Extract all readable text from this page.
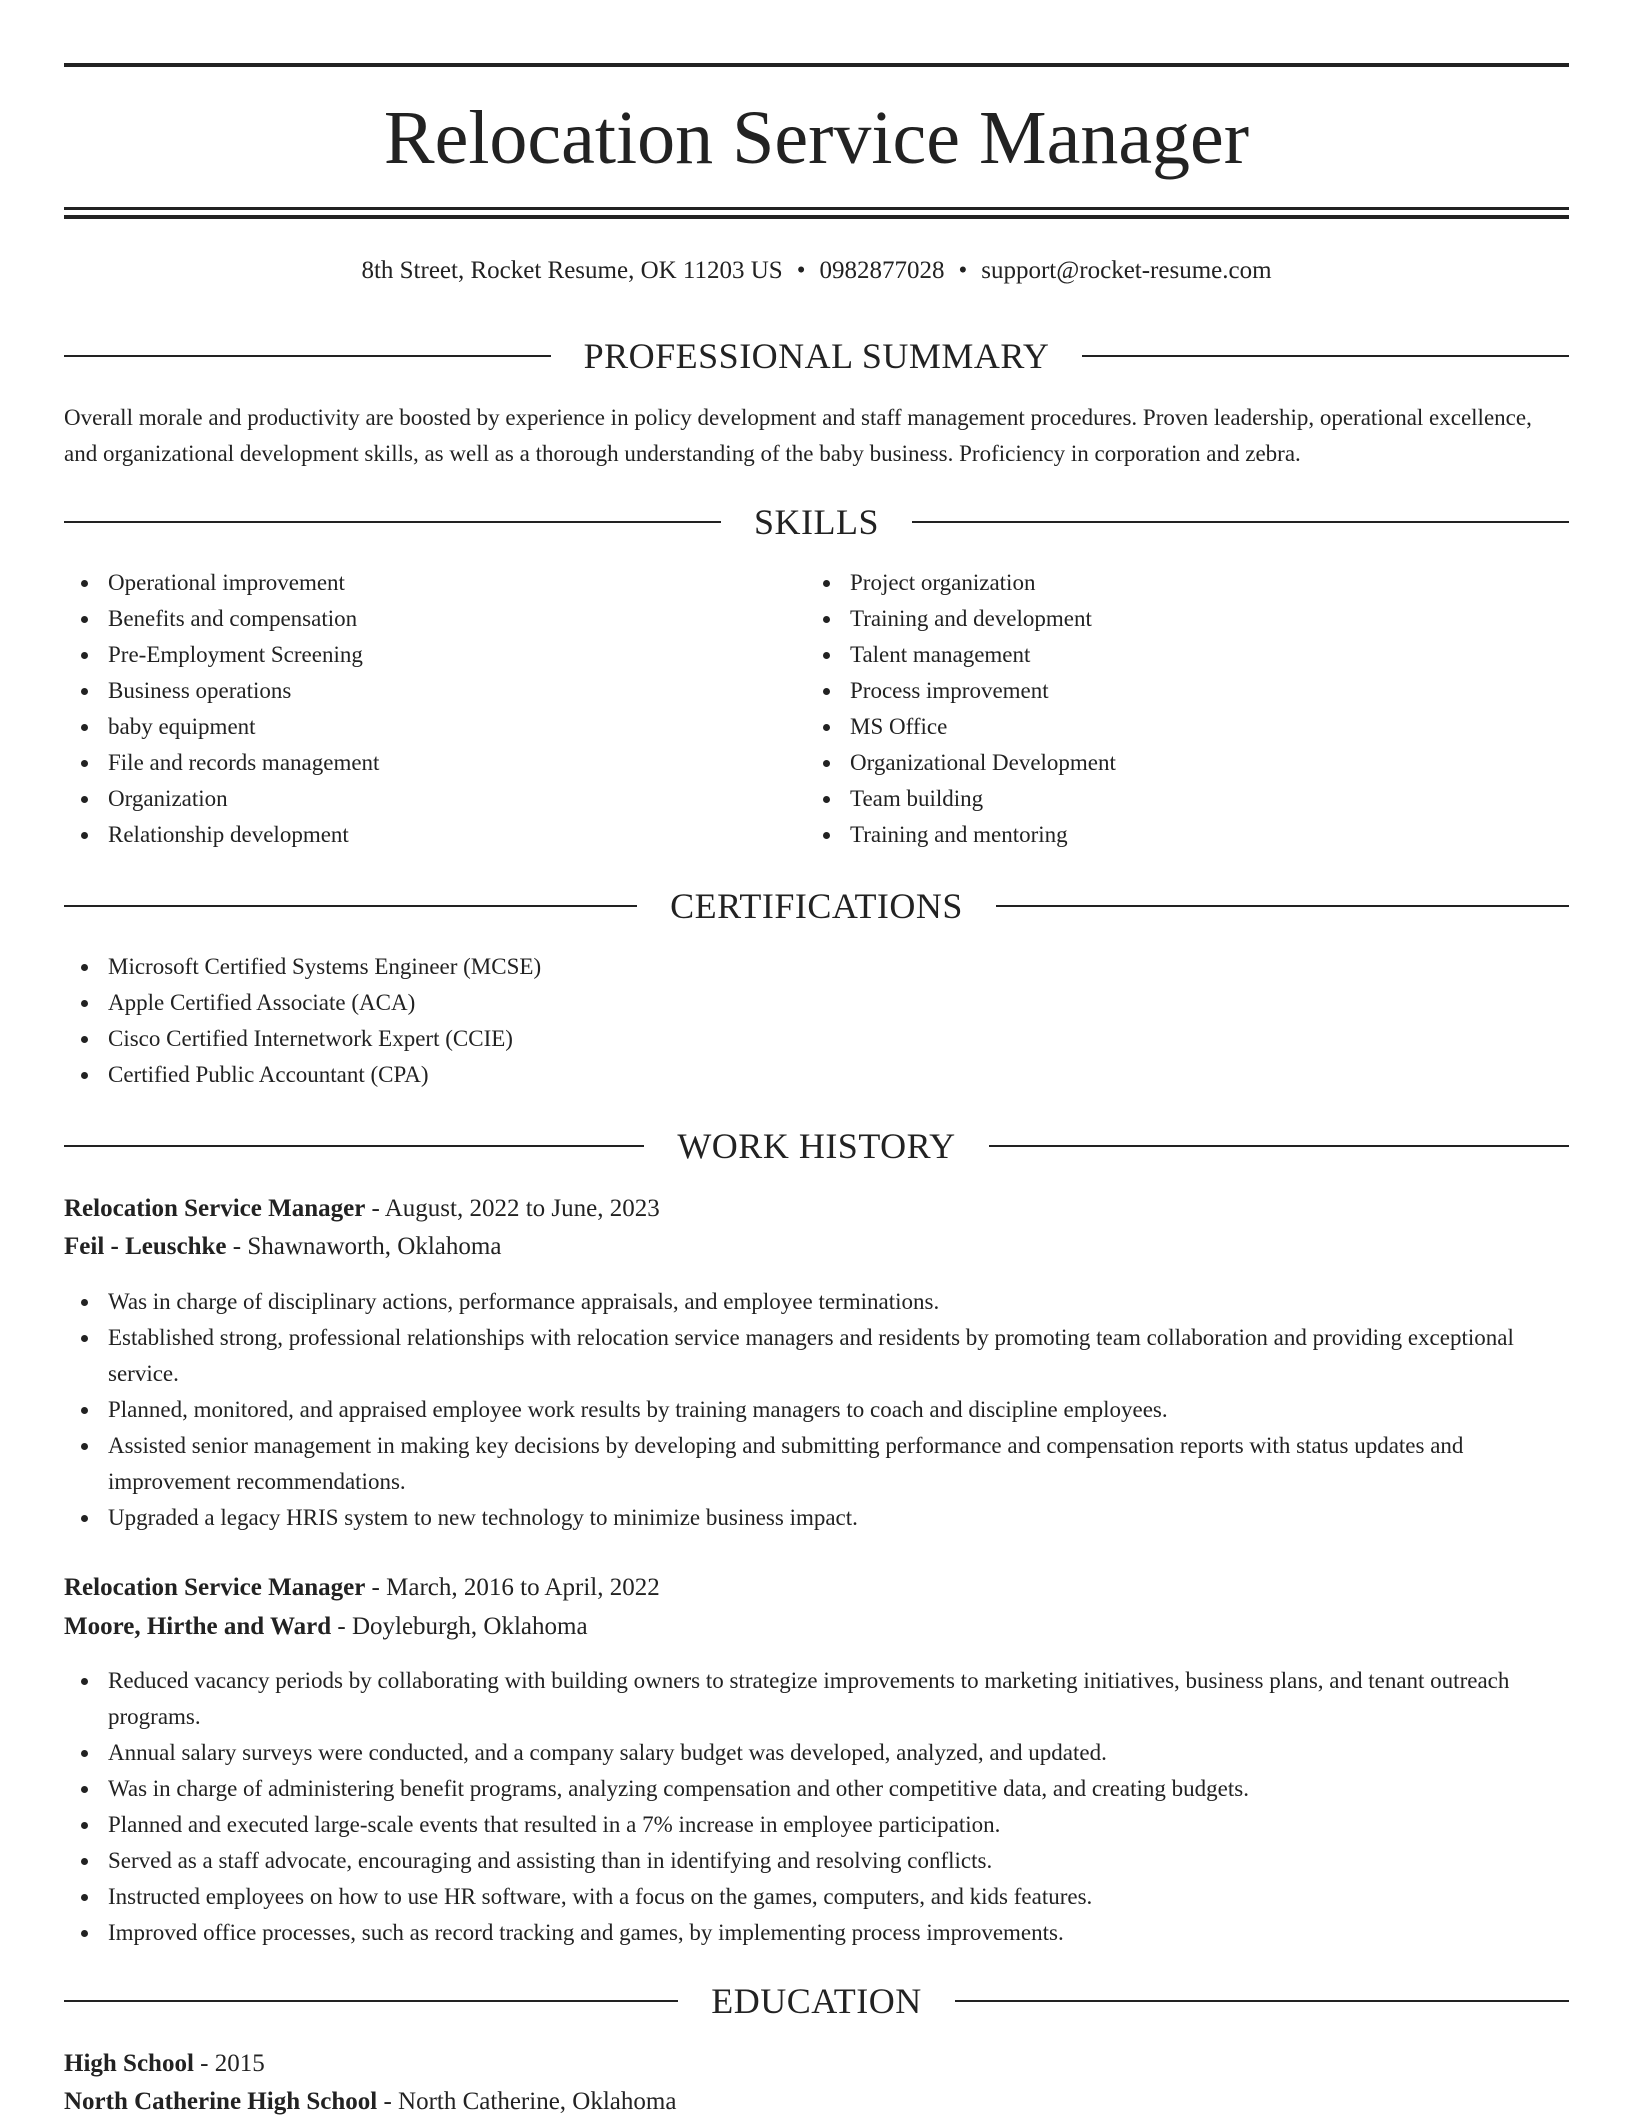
Relocation Service Manager
8th Street, Rocket Resume, OK 11203 US • 0982877028 • support@rocket-resume.com
PROFESSIONAL SUMMARY

Overall morale and productivity are boosted by experience in policy development and staff management procedures. Proven leadership, operational excellence, and organizational development skills, as well as a thorough understanding of the baby business. Proficiency in corporation and zebra.

SKILLS
Operational improvement
Benefits and compensation
Pre-Employment Screening
Business operations
baby equipment
File and records management
Organization
Relationship development
Project organization
Training and development
Talent management
Process improvement
MS Office
Organizational Development
Team building
Training and mentoring
CERTIFICATIONS
Microsoft Certified Systems Engineer (MCSE)
Apple Certified Associate (ACA)
Cisco Certified Internetwork Expert (CCIE)
Certified Public Accountant (CPA)
WORK HISTORY
Relocation Service Manager - August, 2022 to June, 2023
Feil - Leuschke - Shawnaworth, Oklahoma
Was in charge of disciplinary actions, performance appraisals, and employee terminations.
Established strong, professional relationships with relocation service managers and residents by promoting team collaboration and providing exceptional service.
Planned, monitored, and appraised employee work results by training managers to coach and discipline employees.
Assisted senior management in making key decisions by developing and submitting performance and compensation reports with status updates and improvement recommendations.
Upgraded a legacy HRIS system to new technology to minimize business impact.
Relocation Service Manager - March, 2016 to April, 2022
Moore, Hirthe and Ward - Doyleburgh, Oklahoma
Reduced vacancy periods by collaborating with building owners to strategize improvements to marketing initiatives, business plans, and tenant outreach programs.
Annual salary surveys were conducted, and a company salary budget was developed, analyzed, and updated.
Was in charge of administering benefit programs, analyzing compensation and other competitive data, and creating budgets.
Planned and executed large-scale events that resulted in a 7% increase in employee participation.
Served as a staff advocate, encouraging and assisting than in identifying and resolving conflicts.
Instructed employees on how to use HR software, with a focus on the games, computers, and kids features.
Improved office processes, such as record tracking and games, by implementing process improvements.
EDUCATION
High School - 2015
North Catherine High School - North Catherine, Oklahoma
